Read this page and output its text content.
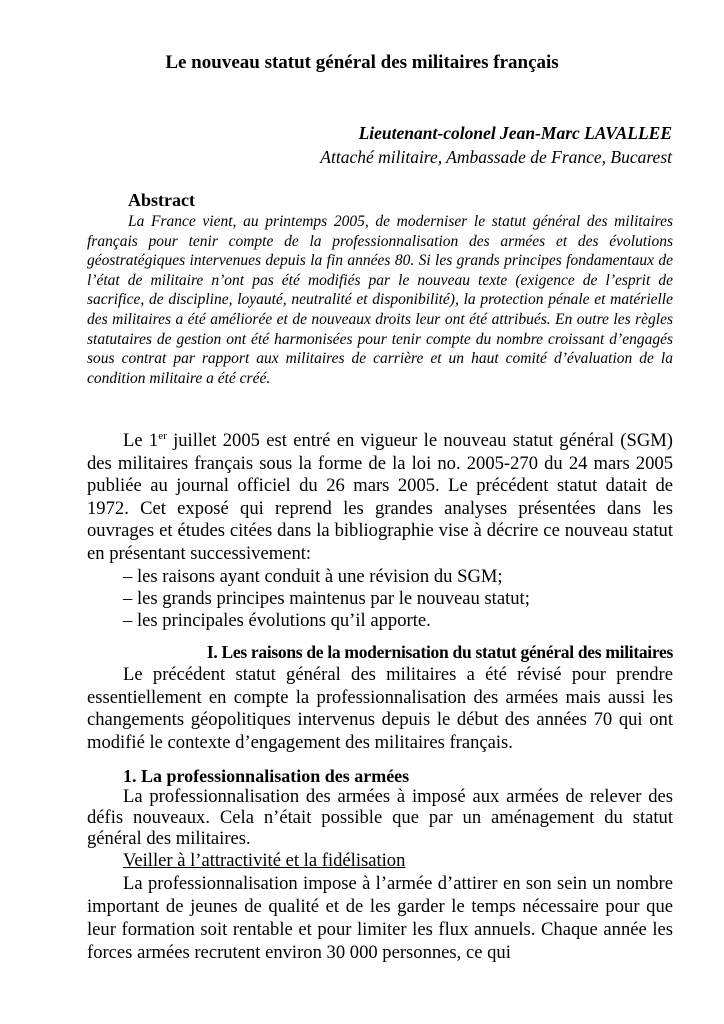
Le nouveau statut général des militaires français
Lieutenant-colonel Jean-Marc LAVALLEE
Attaché militaire, Ambassade de France, Bucarest
Abstract

La France vient, au printemps 2005, de moderniser le statut général des militaires français pour tenir compte de la professionnalisation des armées et des évolutions géostratégiques intervenues depuis la fin années 80. Si les grands principes fondamentaux de l’état de militaire n’ont pas été modifiés par le nouveau texte (exigence de l’esprit de sacrifice, de discipline, loyauté, neutralité et disponibilité), la protection pénale et matérielle des militaires a été améliorée et de nouveaux droits leur ont été attribués. En outre les règles statutaires de gestion ont été harmonisées pour tenir compte du nombre croissant d’engagés sous contrat par rapport aux militaires de carrière et un haut comité d’évaluation de la condition militaire a été créé.

Le 1er juillet 2005 est entré en vigueur le nouveau statut général (SGM) des militaires français sous la forme de la loi no. 2005-270 du 24 mars 2005 publiée au journal officiel du 26 mars 2005. Le précédent statut datait de 1972. Cet exposé qui reprend les grandes analyses présentées dans les ouvrages et études citées dans la bibliographie vise à décrire ce nouveau statut en présentant successivement:

– les raisons ayant conduit à une révision du SGM;
– les grands principes maintenus par le nouveau statut;
– les principales évolutions qu’il apporte.
I. Les raisons de la modernisation du statut général des militaires

Le précédent statut général des militaires a été révisé pour prendre essentiellement en compte la professionnalisation des armées mais aussi les changements géopolitiques intervenus depuis le début des années 70 qui ont modifié le contexte d’engagement des militaires français.

1. La professionnalisation des armées

La professionnalisation des armées à imposé aux armées de relever des défis nouveaux. Cela n’était possible que par un aménagement du statut général des militaires.

Veiller à l’attractivité et la fidélisation

La professionnalisation impose à l’armée d’attirer en son sein un nombre important de jeunes de qualité et de les garder le temps nécessaire pour que leur formation soit rentable et pour limiter les flux annuels. Chaque année les forces armées recrutent environ 30 000 personnes, ce qui
